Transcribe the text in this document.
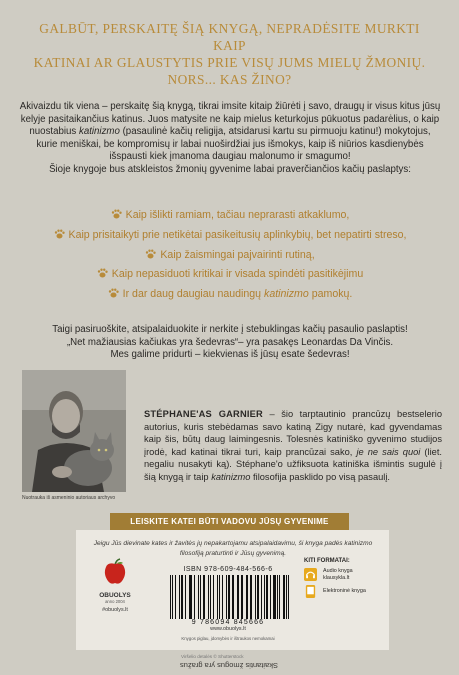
GALBŪT, PERSKAITĘ ŠIĄ KNYGĄ, NEPRADĖSITE MURKTI KAIP
KATINAI AR GLAUSTYTIS PRIE VISŲ JUMS MIELŲ ŽMONIŲ.
NORS... KAS ŽINO?
Akivaizdu tik viena – perskaitę šią knygą, tikrai imsite kitaip žiūrėti į savo, draugų ir visus kitus jūsų kelyje pasitaikančius katinus. Juos matysite ne kaip mielus keturkojus pūkuotus padarėlius, o kaip nuostabius katinizmo (pasaulinė kačių religija, atsidarusi kartu su pirmuoju katinu!) mokytojus, kurie meniškai, be kompromisų ir labai nuoširdžiai jus išmokys, kaip iš niūrios kasdienybės išspausti kiek įmanoma daugiau malonumo ir smagumo!
Šioje knygoje bus atskleistos žmonių gyvenime labai praverčiančios kačių paslaptys:
Kaip išlikti ramiam, tačiau neprarasti atkaklumo,
Kaip prisitaikyti prie netikėtai pasikeitusių aplinkybių, bet nepatirti streso,
Kaip žaismingai pajvairinti rutiną,
Kaip nepasiduoti kritikai ir visada spindėti pasitikėjimu
Ir dar daug daugiau naudingų katinizmo pamokų.
Taigi pasiruoškite, atsipalaiduokite ir nerkite į stebuklingas kačių pasaulio paslaptis!
„Net mažiausias kačiukas yra šedevras“– yra pasakęs Leonardas Da Vinčis.
Mes galime pridurti – kiekvienas iš jūsų esate šedevras!
Nuotrauka iš asmeninio autoriaus archyvo
STÉPHANE'AS GARNIER – šio tarptautinio prancūzų bestselerio autorius, kuris stebėdamas savo katiną Zigy nutarė, kad gyvendamas kaip šis, būtų daug laimingesnis. Tolesnės katiniško gyvenimo studijos įrodė, kad katinai tikrai turi, kaip prancūzai sako, je ne sais quoi (liet. negaliu nusakyti ką). Stéphane'o užfiksuota katiniška išmintis sugulė į šią knygą ir taip katinizmo filosofija pasklido po visą pasaulį.
LEISKITE KATEI BŪTI VADOVU JŪSŲ GYVENIME
Jeigu Jūs dievinate kates ir žavitės jų nepakartojamu atsipalaidavimu, ši knyga padės katinizmo filosofiją praturtinti ir Jūsų gyvenimą.
OBUOLYS
anno 2004
#obuolys.lt
ISBN 978-609-484-566-6
9 786094 845666
www.obuolys.lt
Knygos piglau, įdomybės ir ištraukos nemokamai
KITI FORMATAI:
Audio knyga
klausykla.lt
Elektroninė knyga
Viršelio detalės © Shutterstock
Skaitantis žmogus yra gražus
